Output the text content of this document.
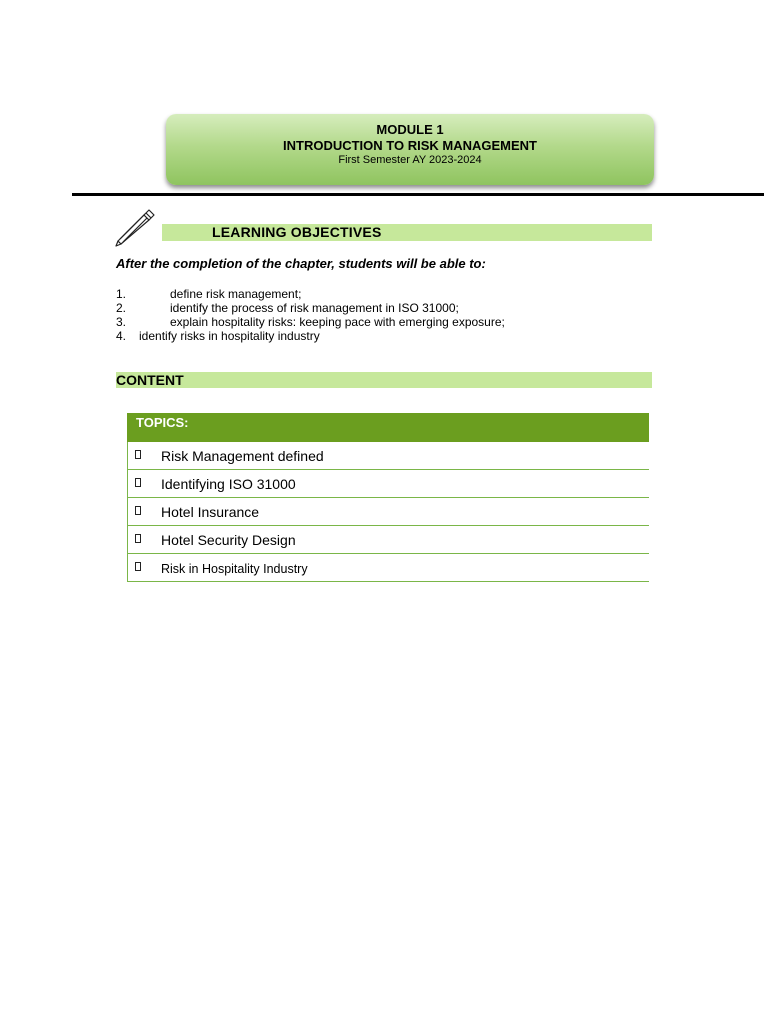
MODULE 1
INTRODUCTION TO RISK MANAGEMENT
First Semester AY 2023-2024
LEARNING OBJECTIVES
After the completion of the chapter, students will be able to:
1.	define risk management;
2.	identify the process of risk management in ISO 31000;
3.	explain hospitality risks: keeping pace with emerging exposure;
4. identify risks in hospitality industry
CONTENT
TOPICS:
Risk Management defined
Identifying ISO 31000
Hotel Insurance
Hotel Security Design
Risk in Hospitality Industry
